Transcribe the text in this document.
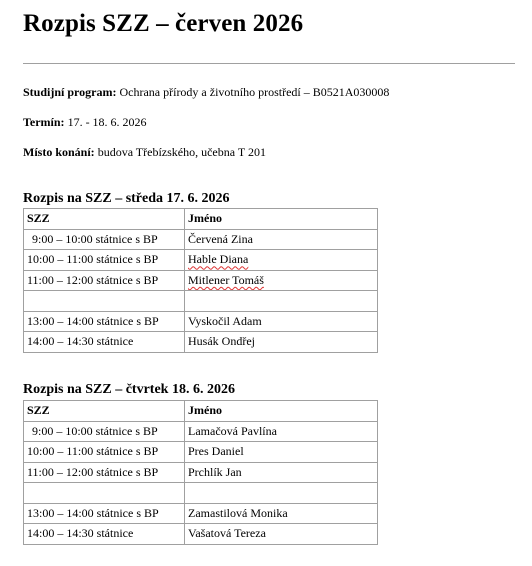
Rozpis SZZ – červen 2026
Studijní program: Ochrana přírody a životního prostředí – B0521A030008
Termín: 17. - 18. 6. 2026
Místo konání: budova Třebízského, učebna T 201
Rozpis na SZZ – středa 17. 6. 2026
SZZ	Jméno
9:00 – 10:00 státnice s BP	Červená Zina
10:00 – 11:00 státnice s BP	Hable Diana
11:00 – 12:00 státnice s BP	Mitlener Tomáš

13:00 – 14:00 státnice s BP	Vyskočil Adam
14:00 – 14:30 státnice	Husák Ondřej
Rozpis na SZZ – čtvrtek 18. 6. 2026
SZZ	Jméno
9:00 – 10:00 státnice s BP	Lamačová Pavlína
10:00 – 11:00 státnice s BP	Pres Daniel
11:00 – 12:00 státnice s BP	Prchlík Jan

13:00 – 14:00 státnice s BP	Zamastilová Monika
14:00 – 14:30 státnice	Vašatová Tereza
